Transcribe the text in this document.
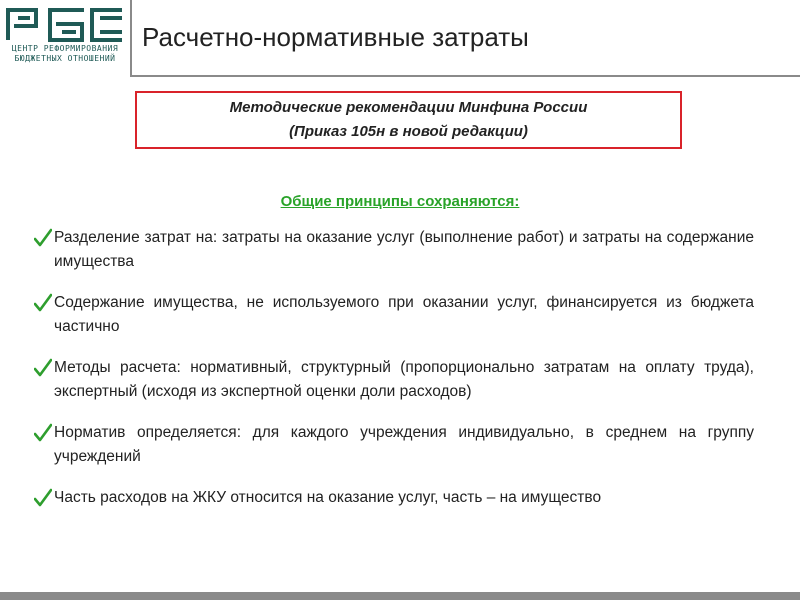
ЦЕНТР РЕФОРМИРОВАНИЯ
БЮДЖЕТНЫХ ОТНОШЕНИЙ
Расчетно-нормативные затраты
Методические рекомендации Минфина России
(Приказ 105н в новой редакции)
Общие принципы сохраняются:
Разделение затрат на: затраты на оказание услуг (выполнение работ) и затраты на содержание имущества
Содержание имущества, не используемого при оказании услуг, финансируется из бюджета частично
Методы расчета: нормативный, структурный (пропорционально затратам на оплату труда), экспертный (исходя из экспертной оценки доли расходов)
Норматив определяется: для каждого учреждения индивидуально, в среднем на группу учреждений
Часть расходов на ЖКУ относится на оказание услуг, часть – на имущество
